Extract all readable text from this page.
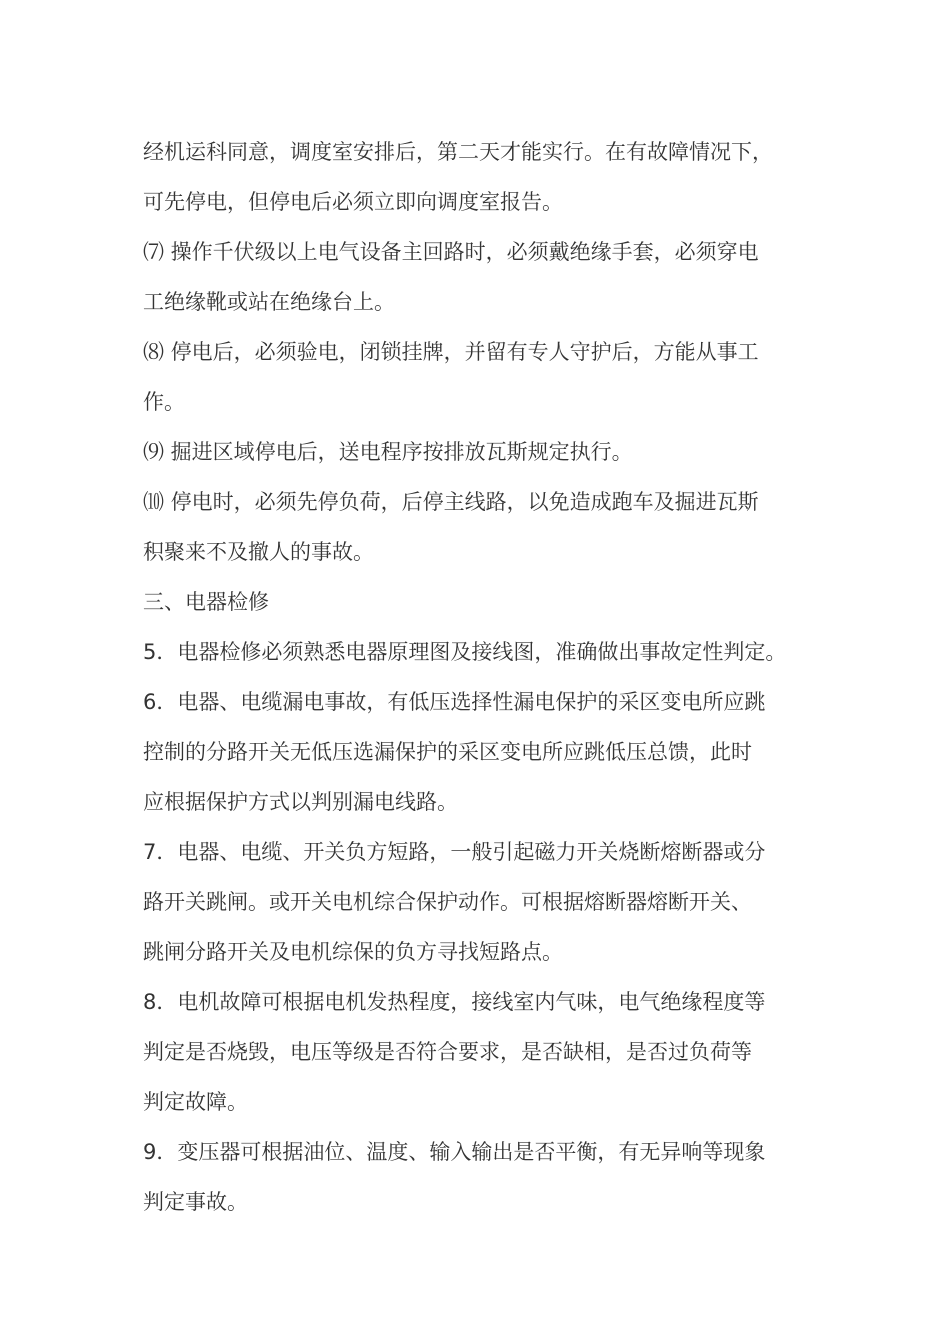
经机运科同意，调度室安排后，第二天才能实行。在有故障情况下，
可先停电，但停电后必须立即向调度室报告。

⑺ 操作千伏级以上电气设备主回路时，必须戴绝缘手套，必须穿电
工绝缘靴或站在绝缘台上。

⑻ 停电后，必须验电，闭锁挂牌，并留有专人守护后，方能从事工
作。

⑼ 掘进区域停电后，送电程序按排放瓦斯规定执行。

⑽ 停电时，必须先停负荷，后停主线路，以免造成跑车及掘进瓦斯
积聚来不及撤人的事故。

三、电器检修

5．电器检修必须熟悉电器原理图及接线图，准确做出事故定性判定。

6．电器、电缆漏电事故，有低压选择性漏电保护的采区变电所应跳
控制的分路开关无低压选漏保护的采区变电所应跳低压总馈，此时
应根据保护方式以判别漏电线路。

7．电器、电缆、开关负方短路，一般引起磁力开关烧断熔断器或分
路开关跳闸。或开关电机综合保护动作。可根据熔断器熔断开关、
跳闸分路开关及电机综保的负方寻找短路点。

8．电机故障可根据电机发热程度，接线室内气味，电气绝缘程度等
判定是否烧毁，电压等级是否符合要求，是否缺相，是否过负荷等
判定故障。

9．变压器可根据油位、温度、输入输出是否平衡，有无异响等现象
判定事故。
